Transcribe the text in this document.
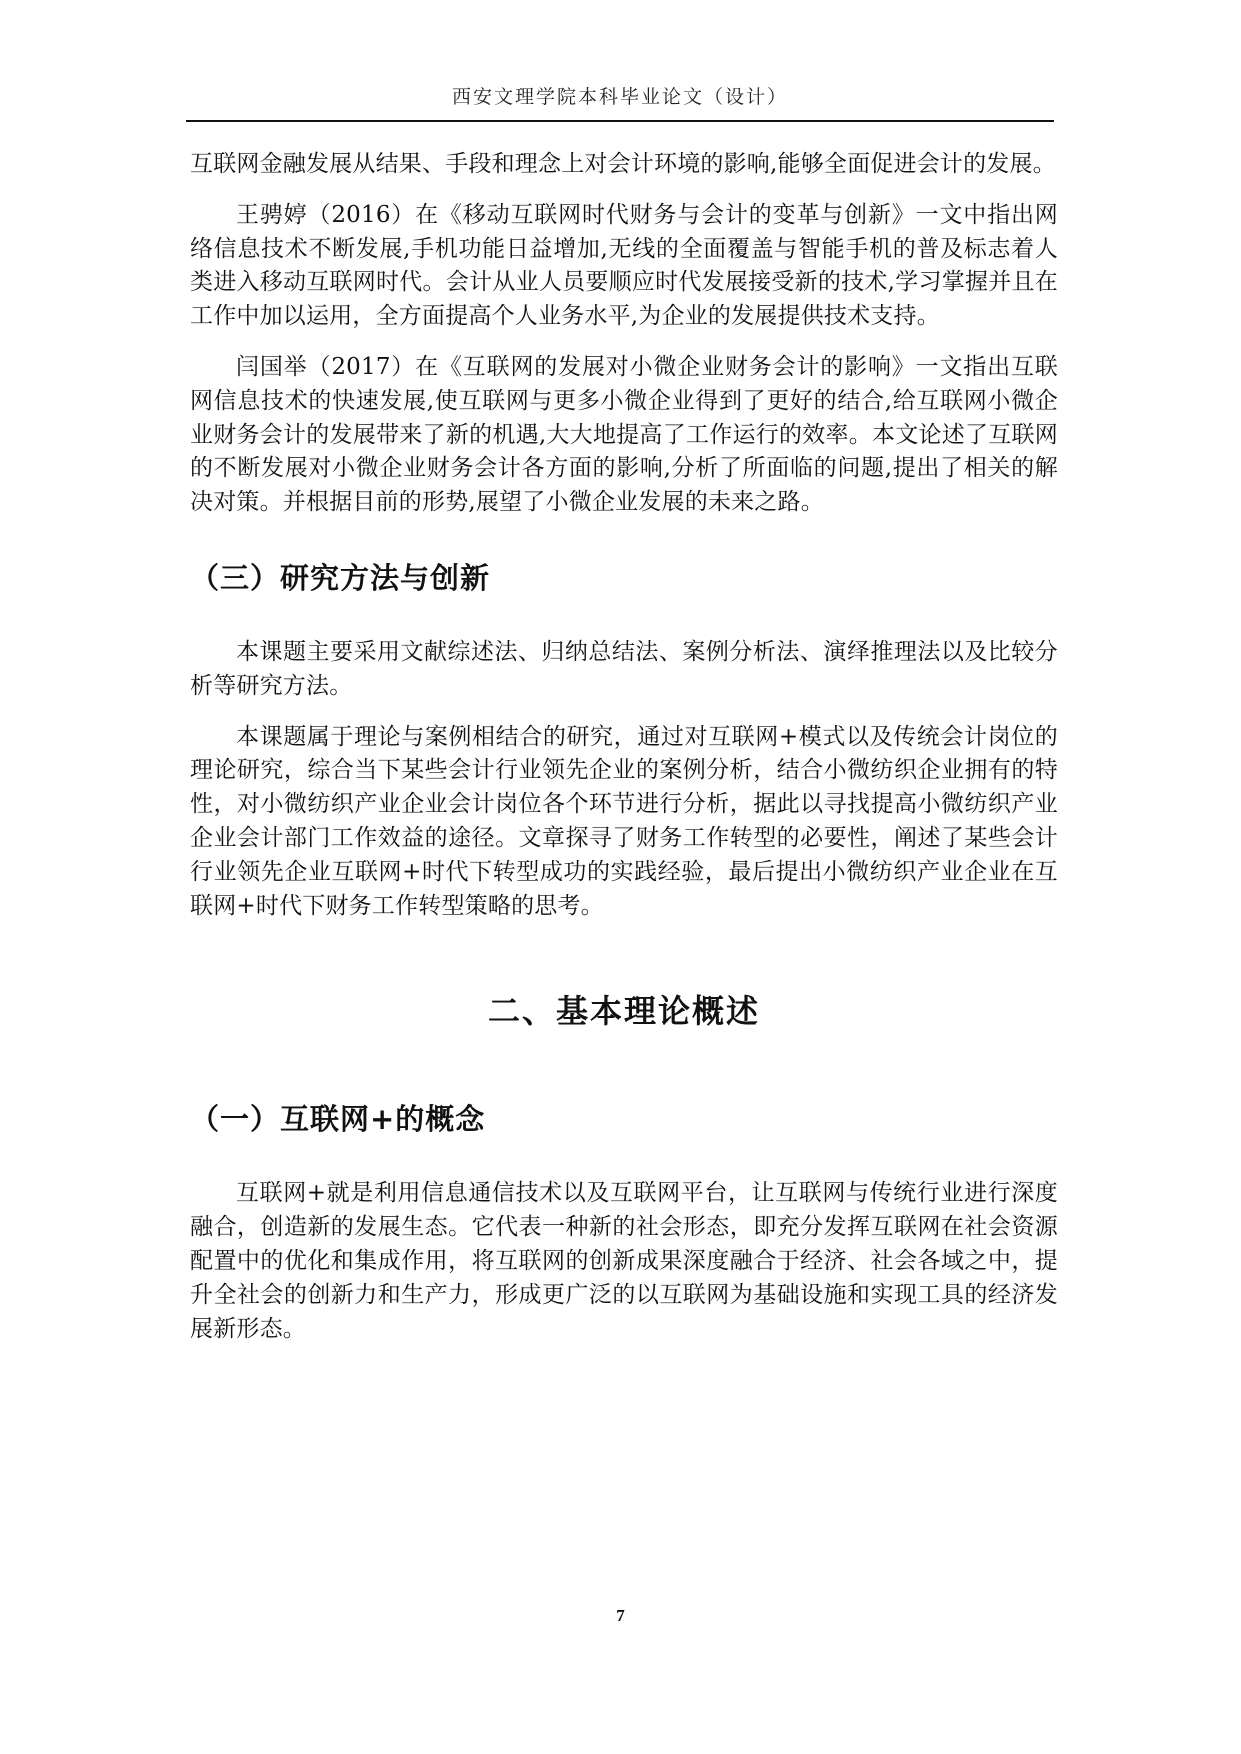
西安文理学院本科毕业论文（设计）

互联网金融发展从结果、手段和理念上对会计环境的影响,能够全面促进会计的发展。

王骋婷（2016）在《移动互联网时代财务与会计的变革与创新》一文中指出网络信息技术不断发展,手机功能日益增加,无线的全面覆盖与智能手机的普及标志着人类进入移动互联网时代。会计从业人员要顺应时代发展接受新的技术,学习掌握并且在工作中加以运用，全方面提高个人业务水平,为企业的发展提供技术支持。

闫国举（2017）在《互联网的发展对小微企业财务会计的影响》一文指出互联网信息技术的快速发展,使互联网与更多小微企业得到了更好的结合,给互联网小微企业财务会计的发展带来了新的机遇,大大地提高了工作运行的效率。本文论述了互联网的不断发展对小微企业财务会计各方面的影响,分析了所面临的问题,提出了相关的解决对策。并根据目前的形势,展望了小微企业发展的未来之路。

（三）研究方法与创新

本课题主要采用文献综述法、归纳总结法、案例分析法、演绎推理法以及比较分析等研究方法。

本课题属于理论与案例相结合的研究，通过对互联网+模式以及传统会计岗位的理论研究，综合当下某些会计行业领先企业的案例分析，结合小微纺织企业拥有的特性，对小微纺织产业企业会计岗位各个环节进行分析，据此以寻找提高小微纺织产业企业会计部门工作效益的途径。文章探寻了财务工作转型的必要性，阐述了某些会计行业领先企业互联网+时代下转型成功的实践经验，最后提出小微纺织产业企业在互联网+时代下财务工作转型策略的思考。

二、基本理论概述
（一）互联网+的概念

互联网+就是利用信息通信技术以及互联网平台，让互联网与传统行业进行深度融合，创造新的发展生态。它代表一种新的社会形态，即充分发挥互联网在社会资源配置中的优化和集成作用，将互联网的创新成果深度融合于经济、社会各域之中，提升全社会的创新力和生产力，形成更广泛的以互联网为基础设施和实现工具的经济发展新形态。

7
